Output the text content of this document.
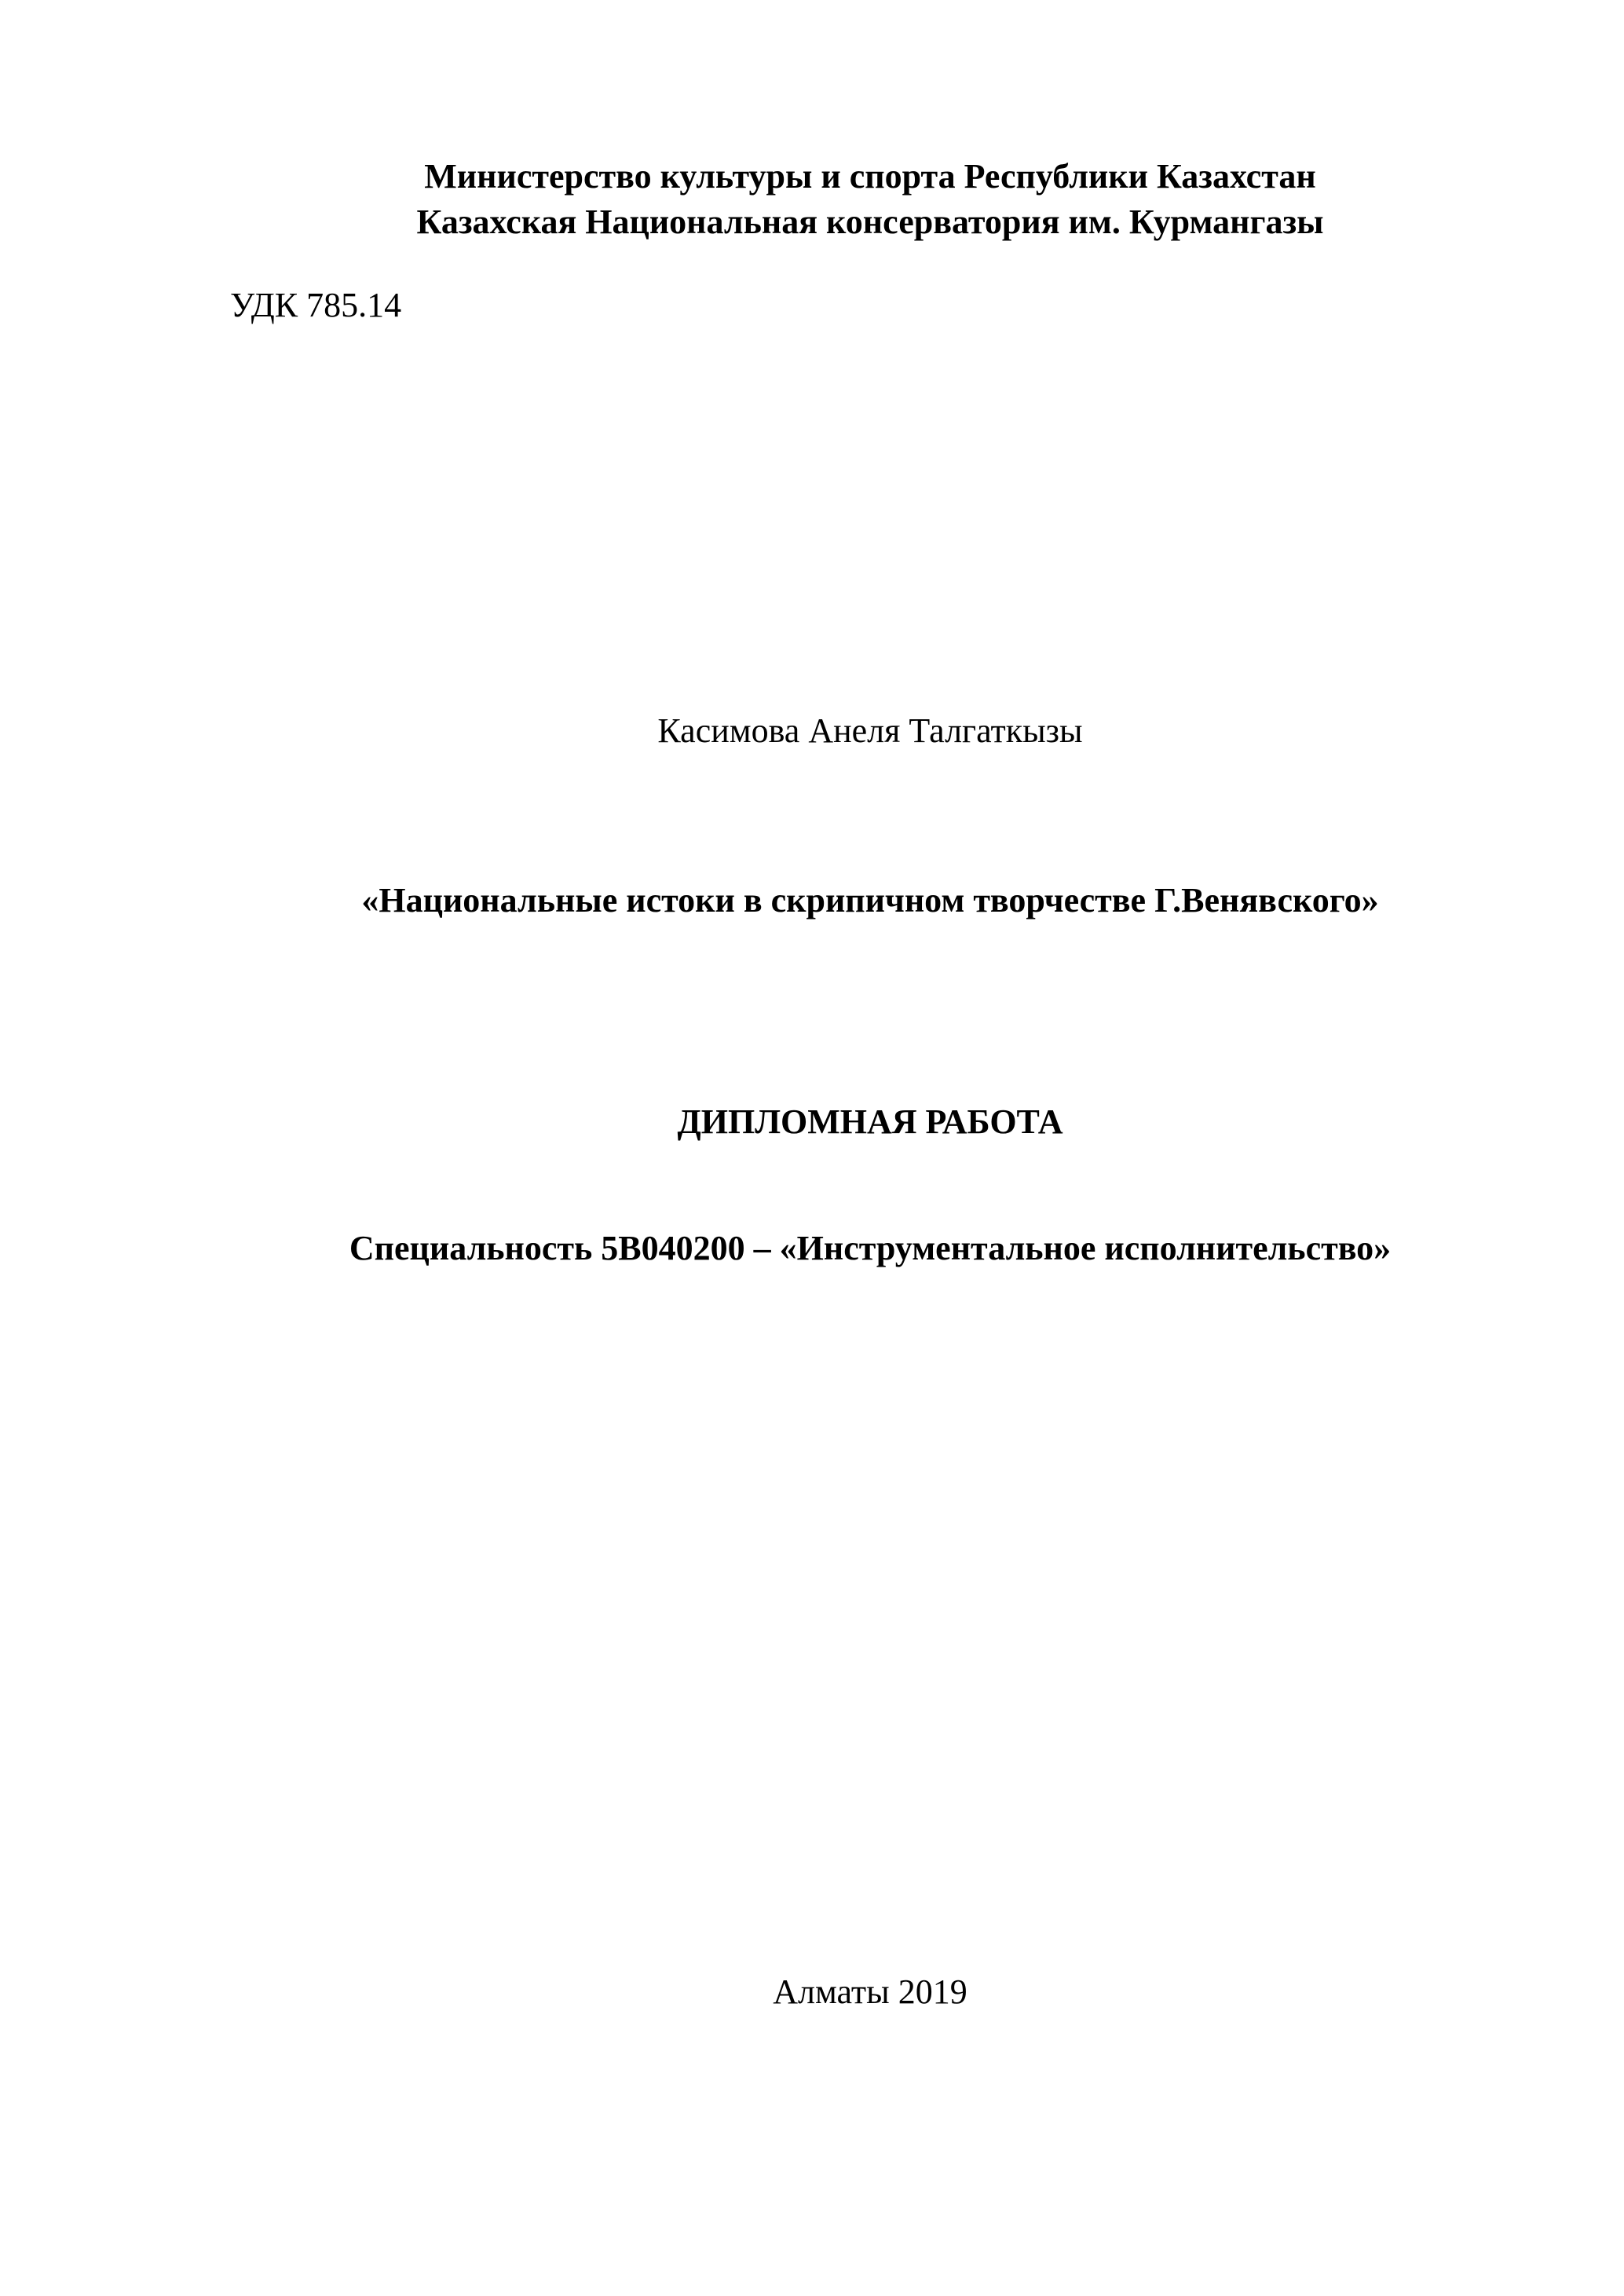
Министерство культуры и спорта Республики Казахстан
Казахская Национальная консерватория им. Курмангазы

УДК 785.14

Касимова Анеля Талгаткызы

«Национальные истоки в скрипичном творчестве Г.Венявского»

ДИПЛОМНАЯ РАБОТА

Специальность 5В040200 – «Инструментальное исполнительство»

Алматы 2019
